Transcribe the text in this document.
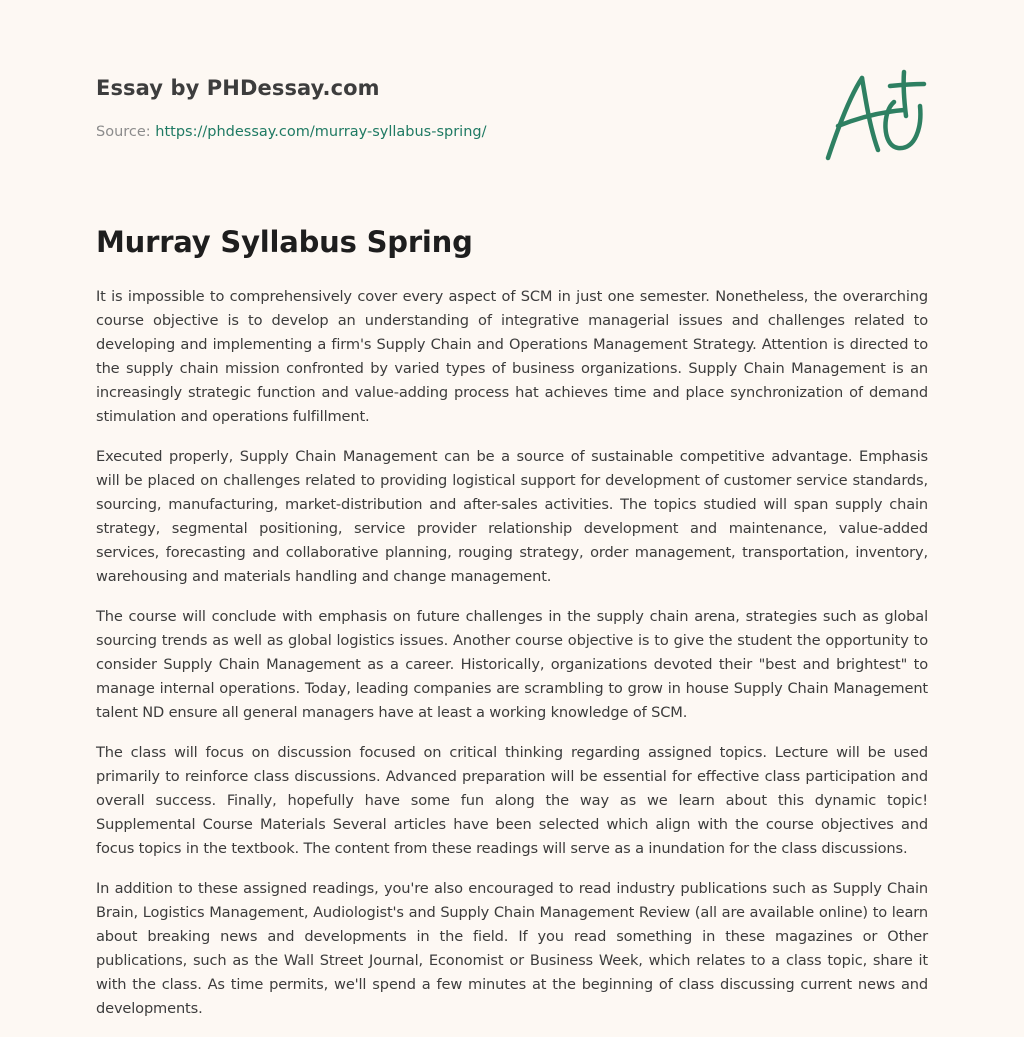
Essay by PHDessay.com
Source: https://phdessay.com/murray-syllabus-spring/
Murray Syllabus Spring

It is impossible to comprehensively cover every aspect of SCM in just one semester. Nonetheless, the overarching course objective is to develop an understanding of integrative managerial issues and challenges related to developing and implementing a firm's Supply Chain and Operations Management Strategy. Attention is directed to the supply chain mission confronted by varied types of business organizations. Supply Chain Management is an increasingly strategic function and value-adding process hat achieves time and place synchronization of demand stimulation and operations fulfillment.

Executed properly, Supply Chain Management can be a source of sustainable competitive advantage. Emphasis will be placed on challenges related to providing logistical support for development of customer service standards, sourcing, manufacturing, market-distribution and after-sales activities. The topics studied will span supply chain strategy, segmental positioning, service provider relationship development and maintenance, value-added services, forecasting and collaborative planning, rouging strategy, order management, transportation, inventory, warehousing and materials handling and change management.

The course will conclude with emphasis on future challenges in the supply chain arena, strategies such as global sourcing trends as well as global logistics issues. Another course objective is to give the student the opportunity to consider Supply Chain Management as a career. Historically, organizations devoted their "best and brightest" to manage internal operations. Today, leading companies are scrambling to grow in house Supply Chain Management talent ND ensure all general managers have at least a working knowledge of SCM.

The class will focus on discussion focused on critical thinking regarding assigned topics. Lecture will be used primarily to reinforce class discussions. Advanced preparation will be essential for effective class participation and overall success. Finally, hopefully have some fun along the way as we learn about this dynamic topic! Supplemental Course Materials Several articles have been selected which align with the course objectives and focus topics in the textbook. The content from these readings will serve as a inundation for the class discussions.

In addition to these assigned readings, you're also encouraged to read industry publications such as Supply Chain Brain, Logistics Management, Audiologist's and Supply Chain Management Review (all are available online) to learn about breaking news and developments in the field. If you read something in these magazines or Other publications, such as the Wall Street Journal, Economist or Business Week, which relates to a class topic, share it with the class. As time permits, we'll spend a few minutes at the beginning of class discussing current news and developments.
